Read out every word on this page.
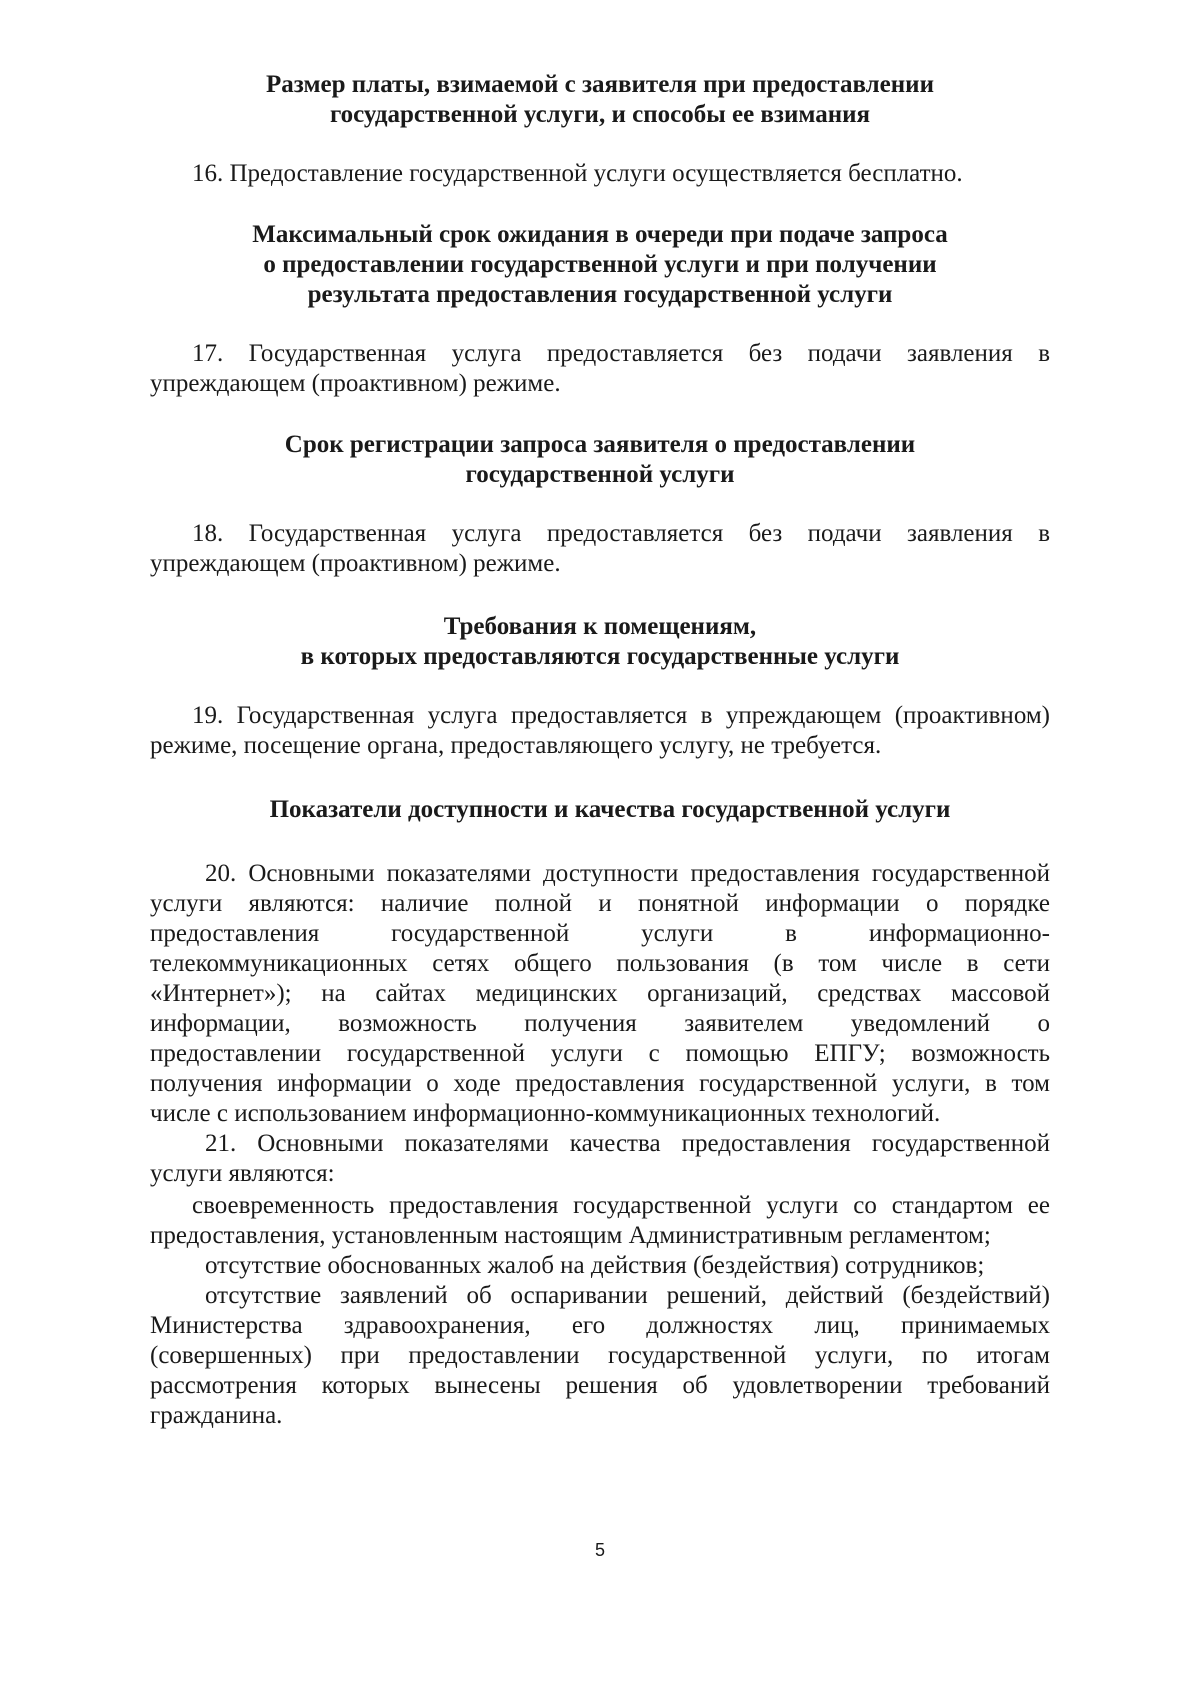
Размер платы, взимаемой с заявителя при предоставлении
государственной услуги, и способы ее взимания
16. Предоставление государственной услуги осуществляется бесплатно.
Максимальный срок ожидания в очереди при подаче запроса
о предоставлении государственной услуги и при получении
результата предоставления государственной услуги
17. Государственная услуга предоставляется без подачи заявления в
упреждающем (проактивном) режиме.
Срок регистрации запроса заявителя о предоставлении
государственной услуги
18. Государственная услуга предоставляется без подачи заявления в
упреждающем (проактивном) режиме.
Требования к помещениям,
в которых предоставляются государственные услуги
19. Государственная услуга предоставляется в упреждающем (проактивном)
режиме, посещение органа, предоставляющего услугу, не требуется.
Показатели доступности и качества государственной услуги
20. Основными показателями доступности предоставления государственной
услуги являются: наличие полной и понятной информации о порядке
предоставления государственной услуги в информационно-
телекоммуникационных сетях общего пользования (в том числе в сети
«Интернет»); на сайтах медицинских организаций, средствах массовой
информации, возможность получения заявителем уведомлений о
предоставлении государственной услуги с помощью ЕПГУ; возможность
получения информации о ходе предоставления государственной услуги, в том
числе с использованием информационно-коммуникационных технологий.
21. Основными показателями качества предоставления государственной
услуги являются:
своевременность предоставления государственной услуги со стандартом ее
предоставления, установленным настоящим Административным регламентом;
отсутствие обоснованных жалоб на действия (бездействия) сотрудников;
отсутствие заявлений об оспаривании решений, действий (бездействий)
Министерства здравоохранения, его должностях лиц, принимаемых
(совершенных) при предоставлении государственной услуги, по итогам
рассмотрения которых вынесены решения об удовлетворении требований
гражданина.
5
